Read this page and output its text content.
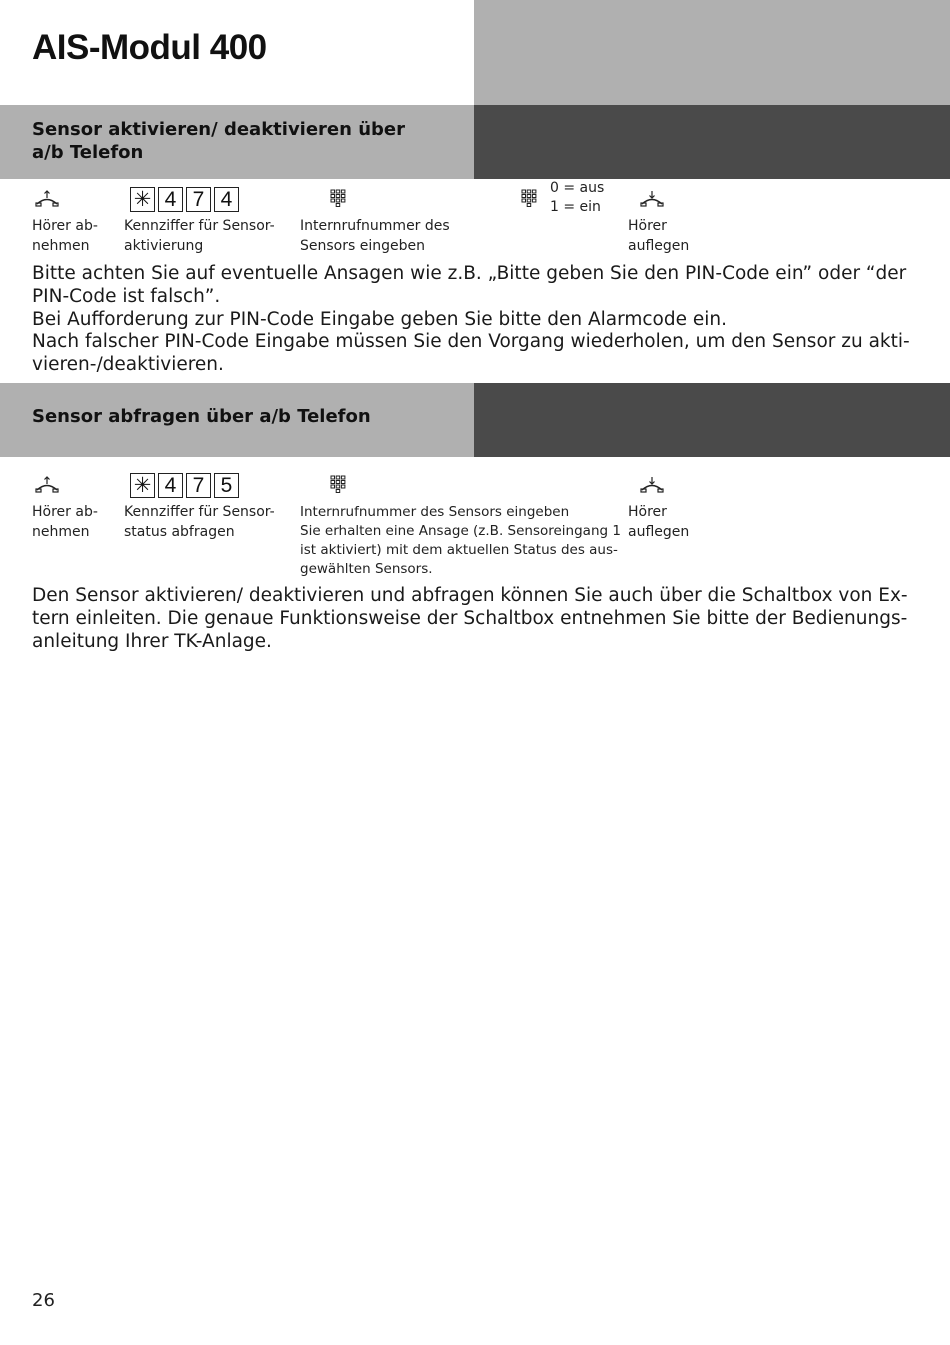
AIS-Modul 400
Sensor aktivieren/ deaktivieren über
a/b Telefon
Hörer ab-
nehmen
✳ 4 7 4
Kennziffer für Sensor-
aktivierung
Internrufnummer des
Sensors eingeben
0 = aus
1 = ein
Hörer
auflegen
Bitte achten Sie auf eventuelle Ansagen wie z.B. „Bitte geben Sie den PIN-Code ein” oder “der
PIN-Code ist falsch”.
Bei Aufforderung zur PIN-Code Eingabe geben Sie bitte den Alarmcode ein.
Nach falscher PIN-Code Eingabe müssen Sie den Vorgang wiederholen, um den Sensor zu akti-
vieren-/deaktivieren.
Sensor abfragen über a/b Telefon
Hörer ab-
nehmen
✳ 4 7 5
Kennziffer für Sensor-
status abfragen
Internrufnummer des Sensors eingeben
Sie erhalten eine Ansage (z.B. Sensoreingang 1
ist aktiviert) mit dem aktuellen Status des aus-
gewählten Sensors.
Hörer
auflegen
Den Sensor aktivieren/ deaktivieren und abfragen können Sie auch über die Schaltbox von Ex-
tern einleiten. Die genaue Funktionsweise der Schaltbox entnehmen Sie bitte der Bedienungs-
anleitung Ihrer TK-Anlage.
26
